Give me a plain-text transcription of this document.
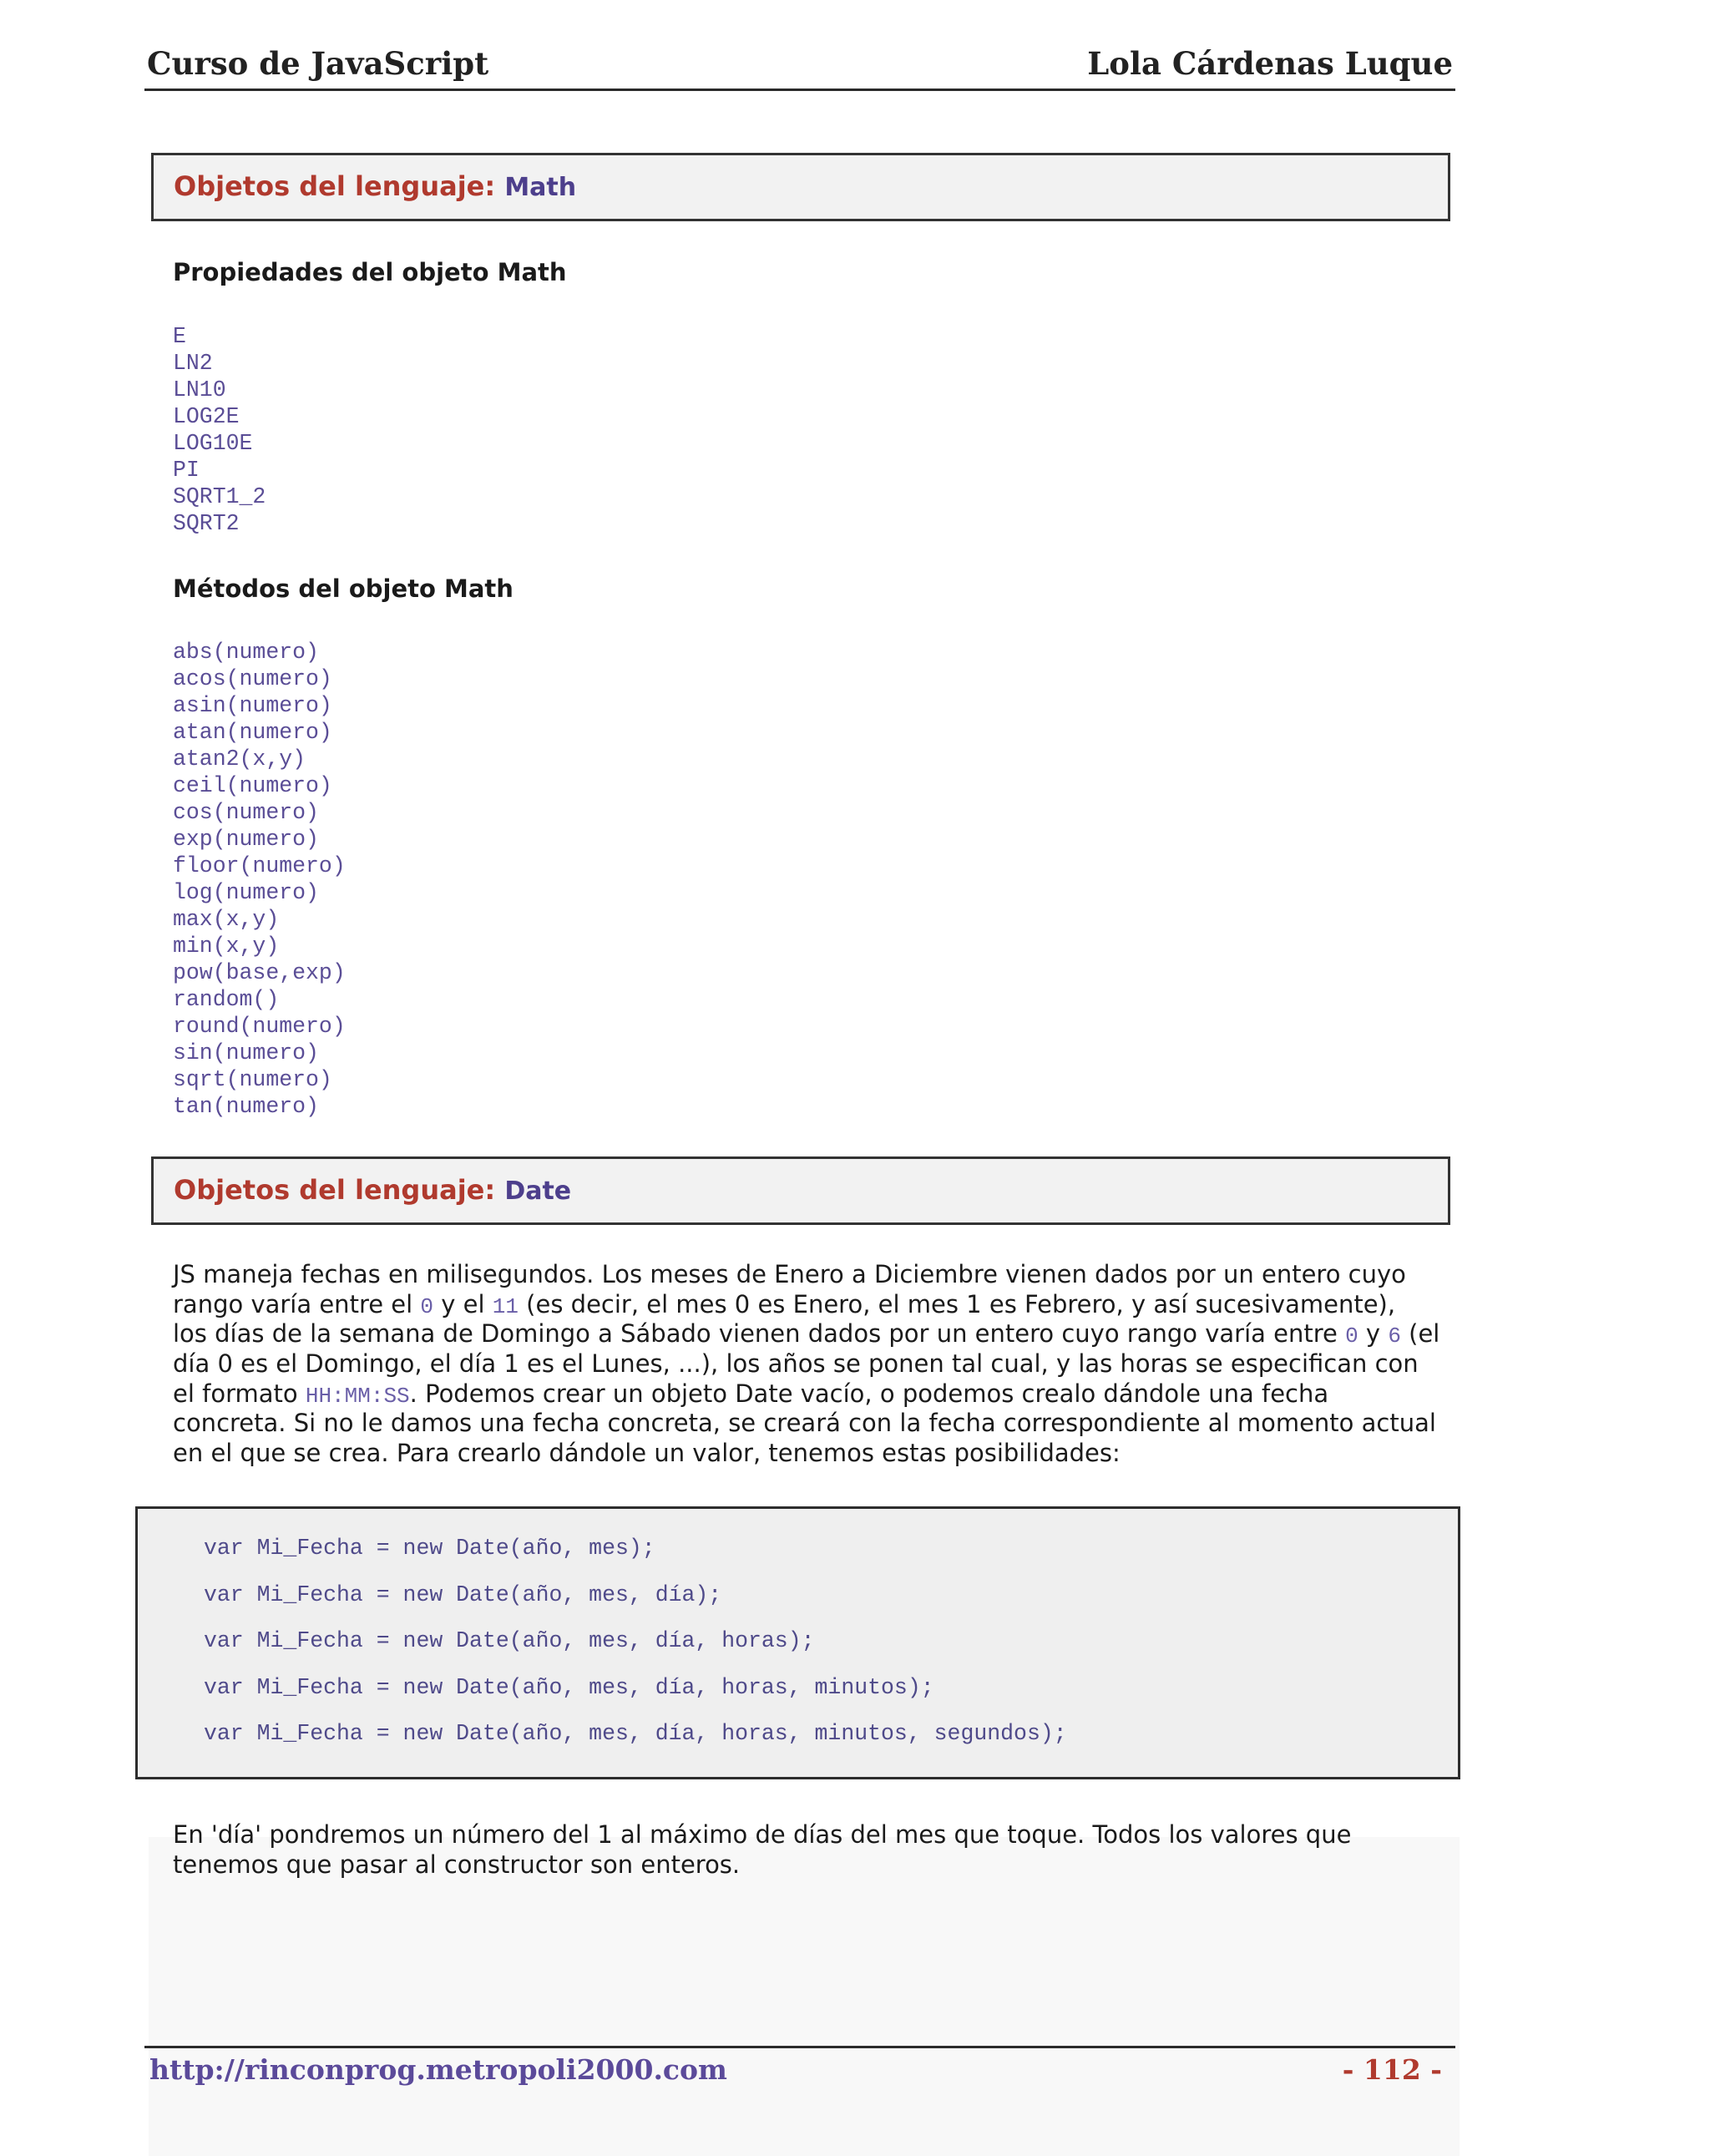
Curso de JavaScript	Lola Cárdenas Luque
Objetos del lenguaje: Math
Propiedades del objeto Math
E
LN2
LN10
LOG2E
LOG10E
PI
SQRT1_2
SQRT2
Métodos del objeto Math
abs(numero)
acos(numero)
asin(numero)
atan(numero)
atan2(x,y)
ceil(numero)
cos(numero)
exp(numero)
floor(numero)
log(numero)
max(x,y)
min(x,y)
pow(base,exp)
random()
round(numero)
sin(numero)
sqrt(numero)
tan(numero)
Objetos del lenguaje: Date

JS maneja fechas en milisegundos. Los meses de Enero a Diciembre vienen dados por un entero cuyo
rango varía entre el 0 y el 11 (es decir, el mes 0 es Enero, el mes 1 es Febrero, y así sucesivamente),
los días de la semana de Domingo a Sábado vienen dados por un entero cuyo rango varía entre 0 y 6 (el
día 0 es el Domingo, el día 1 es el Lunes, ...), los años se ponen tal cual, y las horas se especifican con
el formato HH:MM:SS. Podemos crear un objeto Date vacío, o podemos crealo dándole una fecha
concreta. Si no le damos una fecha concreta, se creará con la fecha correspondiente al momento actual
en el que se crea. Para crearlo dándole un valor, tenemos estas posibilidades:

var Mi_Fecha = new Date(año, mes);
var Mi_Fecha = new Date(año, mes, día);
var Mi_Fecha = new Date(año, mes, día, horas);
var Mi_Fecha = new Date(año, mes, día, horas, minutos);
var Mi_Fecha = new Date(año, mes, día, horas, minutos, segundos);

En 'día' pondremos un número del 1 al máximo de días del mes que toque. Todos los valores que
tenemos que pasar al constructor son enteros.

http://rinconprog.metropoli2000.com	- 112 -
